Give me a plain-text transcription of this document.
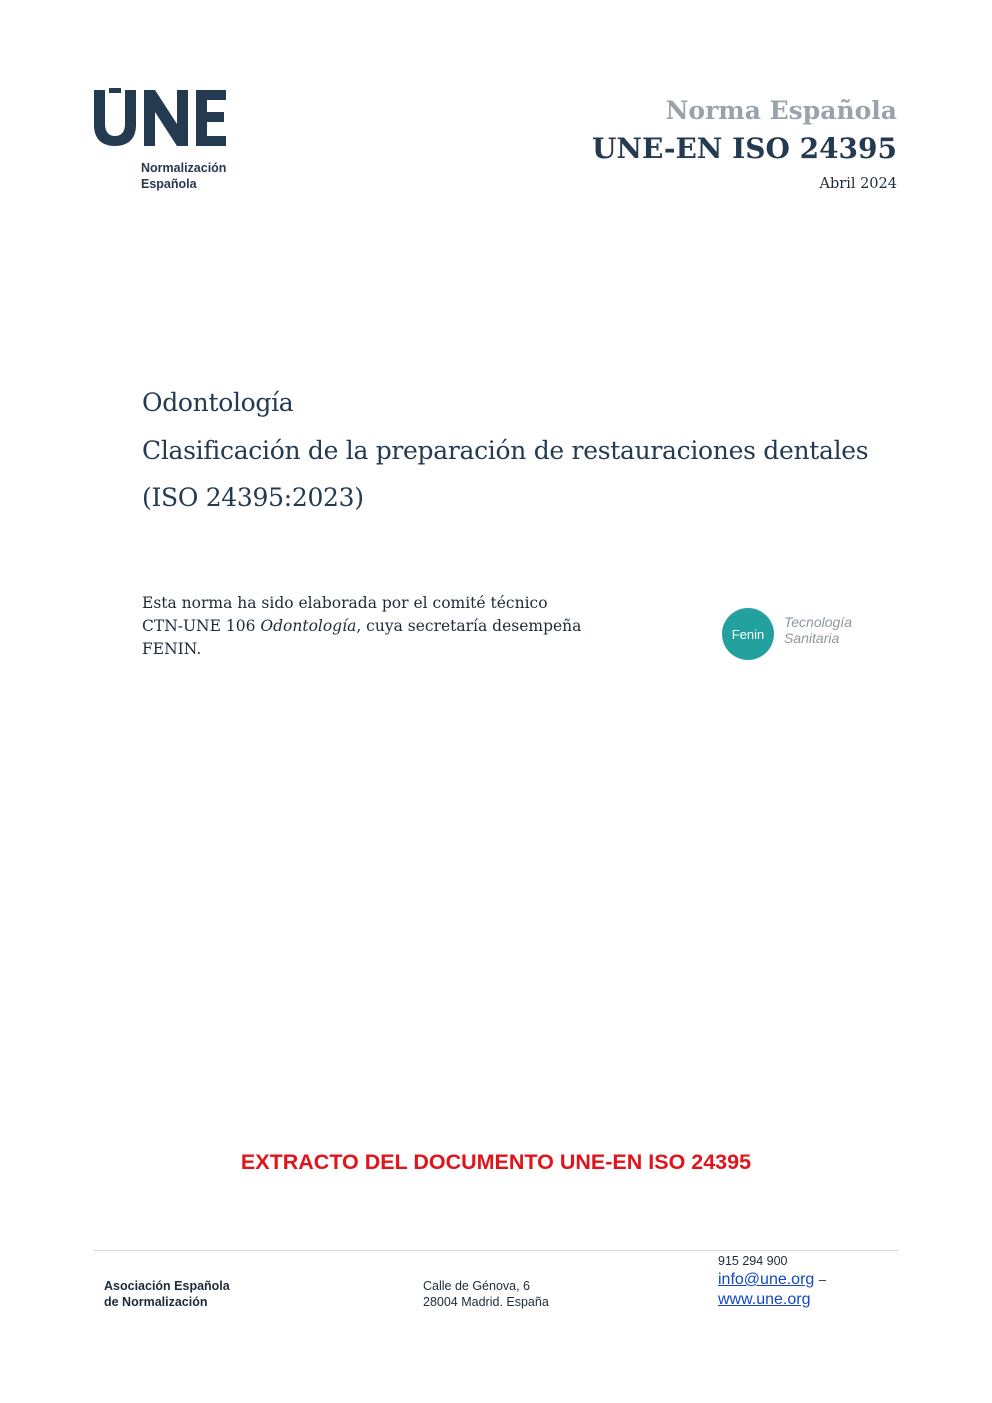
Normalización
Española
Norma Española
UNE-EN ISO 24395
Abril 2024
Odontología
Clasificación de la preparación de restauraciones dentales
(ISO 24395:2023)

Esta norma ha sido elaborada por el comité técnico

CTN-UNE 106 Odontología, cuya secretaría desempeña

FENIN.

Fenin
Tecnología
Sanitaria
EXTRACTO DEL DOCUMENTO UNE-EN ISO 24395
Asociación Española
de Normalización
Calle de Génova, 6
28004 Madrid. España
915 294 900
info@une.org –
www.une.org
